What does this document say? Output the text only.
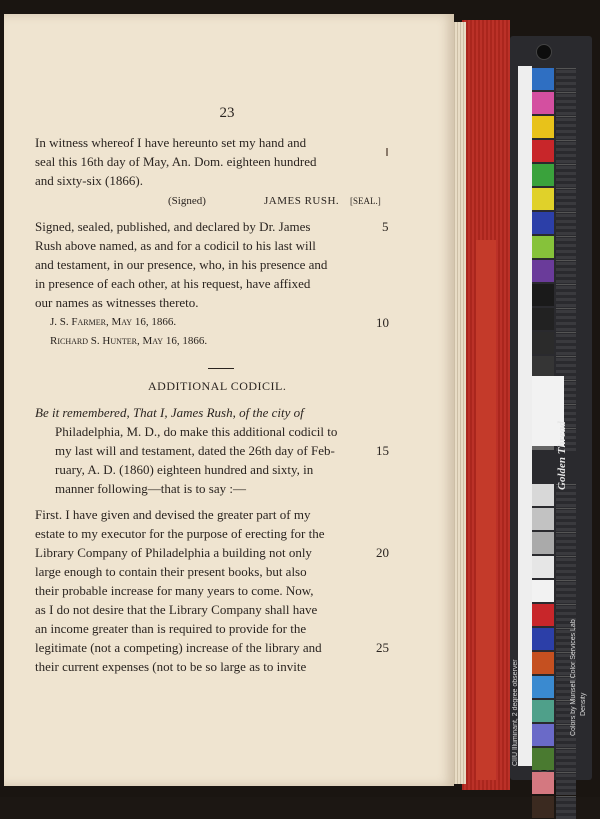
23
In witness whereof I have hereunto set my hand and
seal this 16th day of May, An. Dom. eighteen hundred
and sixty-six (1866).
(Signed)	JAMES RUSH. [SEAL.]
Signed, sealed, published, and declared by Dr. James
Rush above named, as and for a codicil to his last will
and testament, in our presence, who, in his presence and
in presence of each other, at his request, have affixed
our names as witnesses thereto.
J. S. Farmer, May 16, 1866.
Richard S. Hunter, May 16, 1866.
ADDITIONAL CODICIL.
Be it remembered, That I, James Rush, of the city of
Philadelphia, M. D., do make this additional codicil to
my last will and testament, dated the 26th day of Feb-
ruary, A. D. (1860) eighteen hundred and sixty, in
manner following—that is to say :—
First. I have given and devised the greater part of my
estate to my executor for the purpose of erecting for the
Library Company of Philadelphia a building not only
large enough to contain their present books, but also
their probable increase for many years to come. Now,
as I do not desire that the Library Company shall have
an income greater than is required to provide for the
legitimate (not a competing) increase of the library and
their current expenses (not to be so large as to invite
5
10
15
20
25	Colors by Munsell Color Services Lab
Golden Thread
Density
CIIU Illuminant, 2 degree observer
